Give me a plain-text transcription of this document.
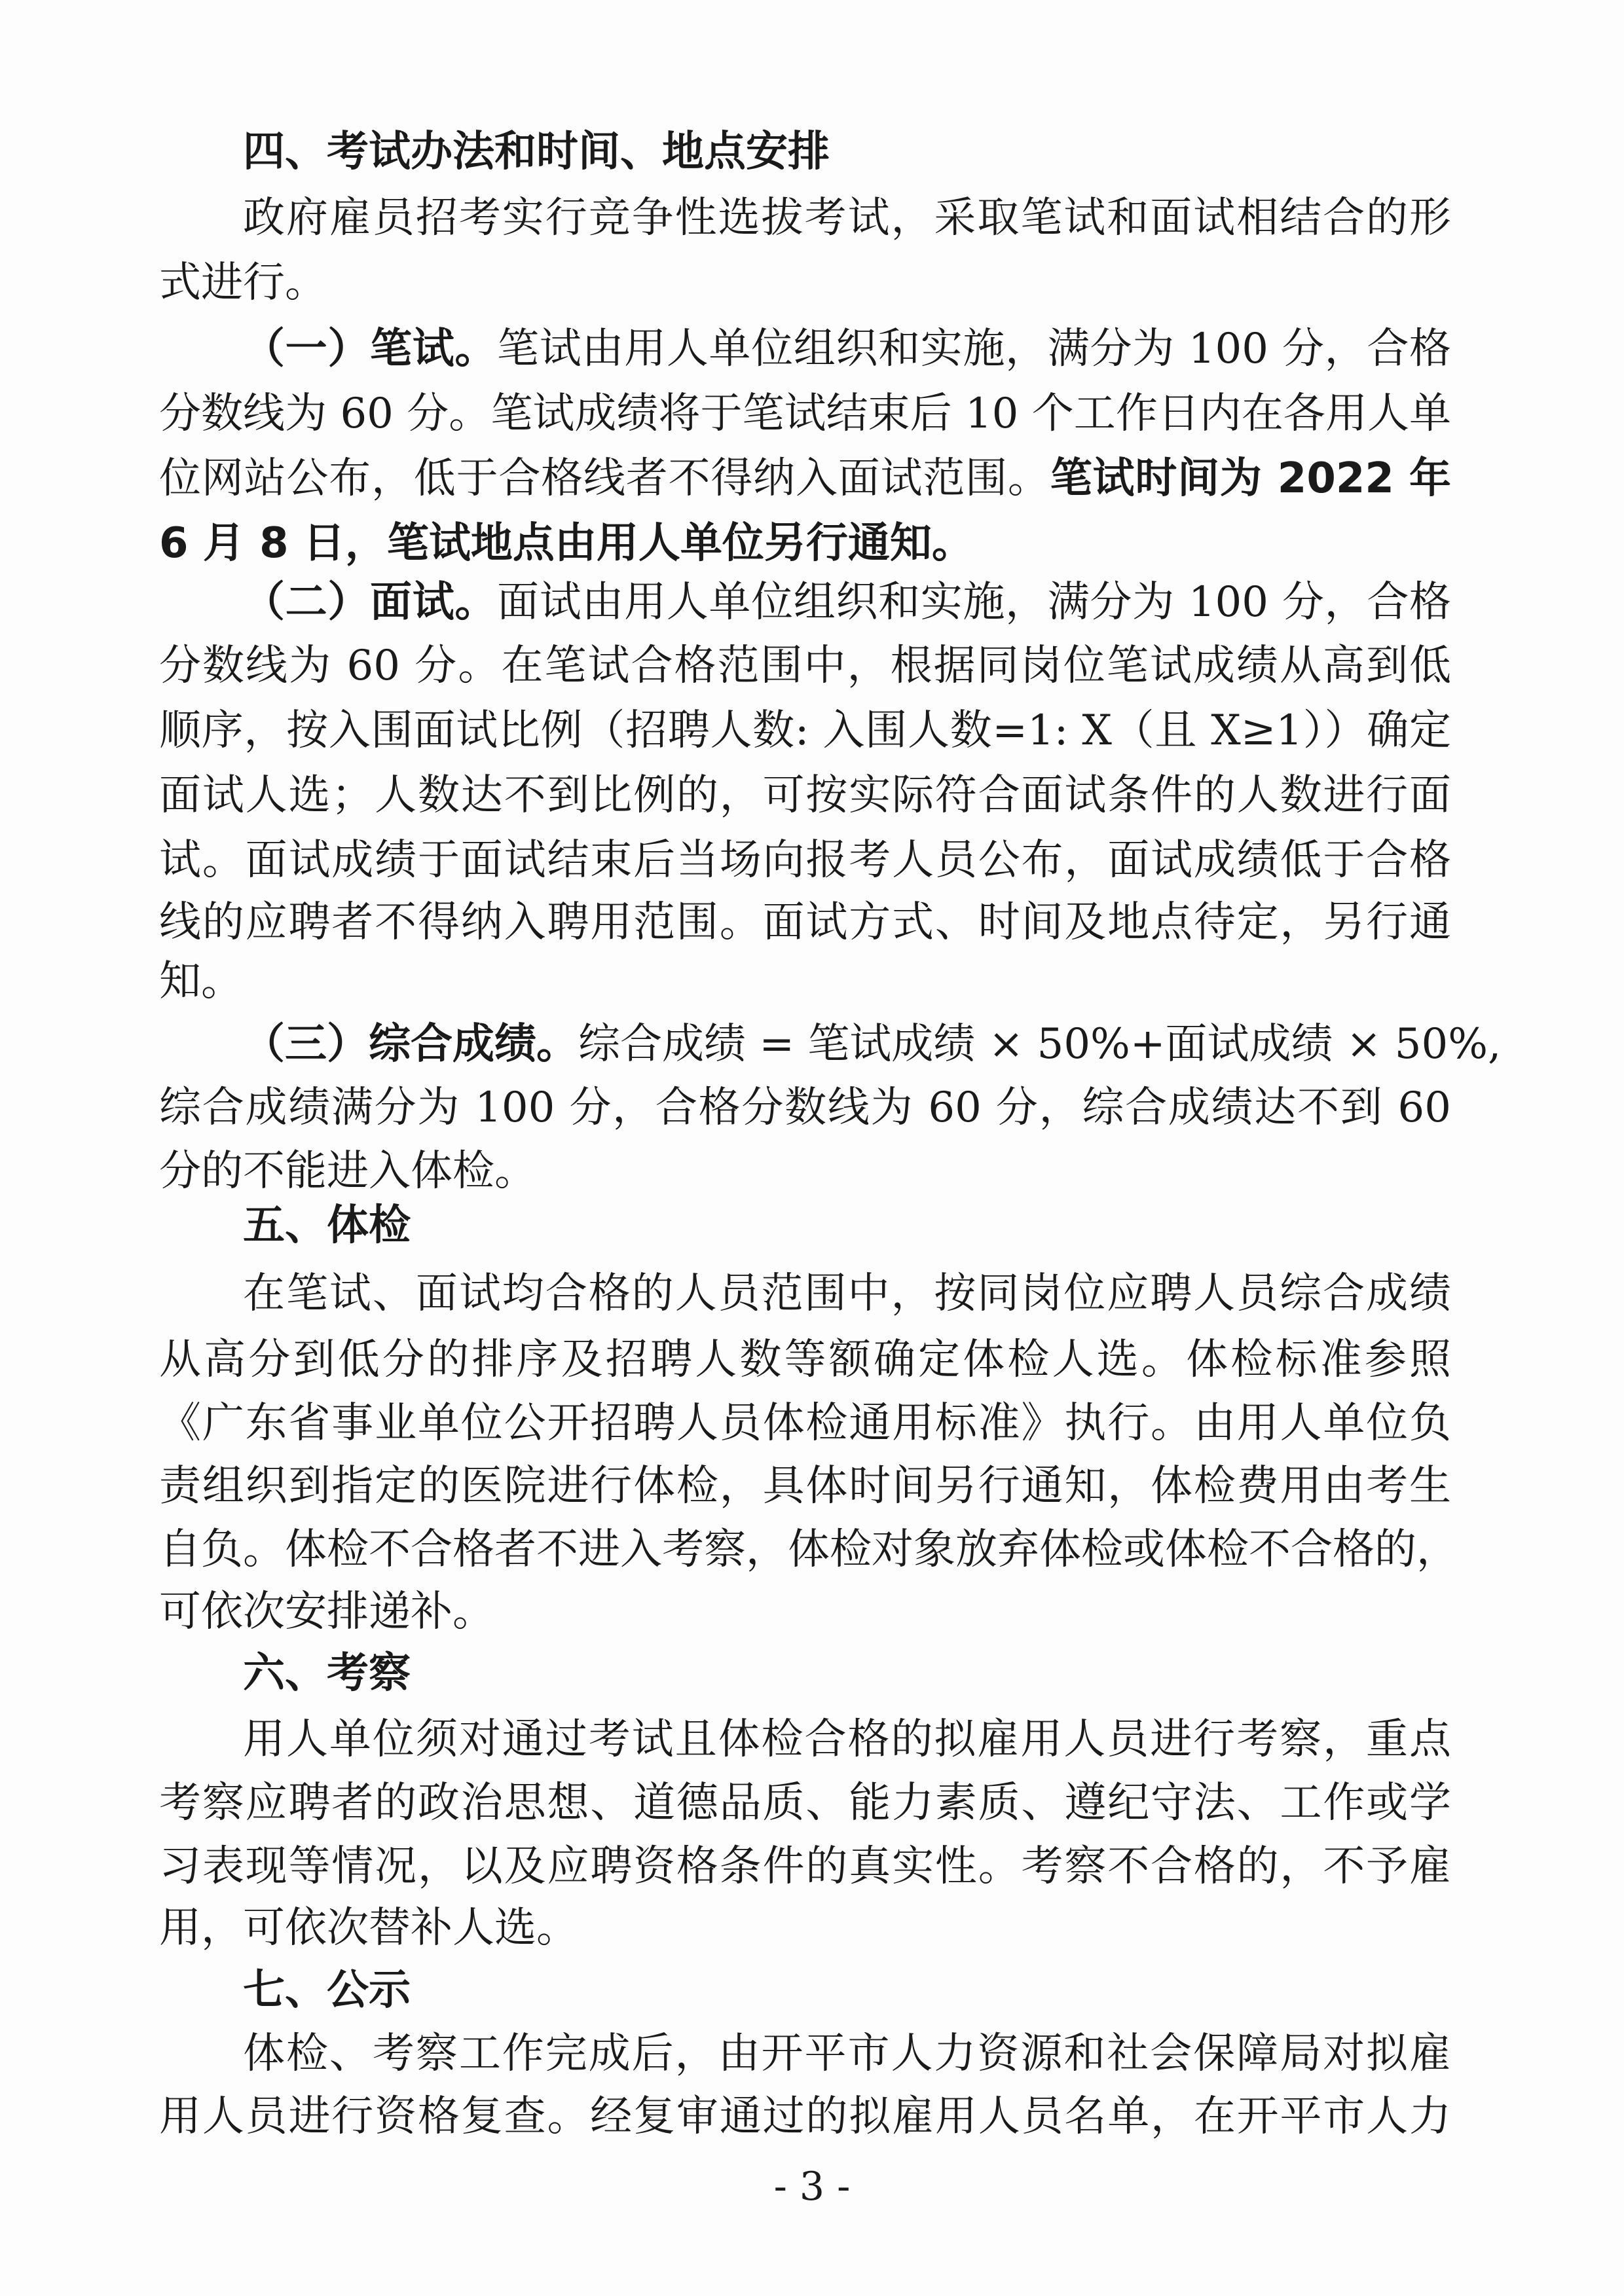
四、考试办法和时间、地点安排
政府雇员招考实行竞争性选拔考试，采取笔试和面试相结合的形
式进行。
（一）笔试。笔试由用人单位组织和实施，满分为 100 分，合格
分数线为 60 分。笔试成绩将于笔试结束后 10 个工作日内在各用人单
位网站公布，低于合格线者不得纳入面试范围。笔试时间为 2022 年
6 月 8 日，笔试地点由用人单位另行通知。
（二）面试。面试由用人单位组织和实施，满分为 100 分，合格
分数线为 60 分。在笔试合格范围中，根据同岗位笔试成绩从高到低
顺序，按入围面试比例（招聘人数: 入围人数=1: X（且 X≥1））确定
面试人选；人数达不到比例的，可按实际符合面试条件的人数进行面
试。面试成绩于面试结束后当场向报考人员公布，面试成绩低于合格
线的应聘者不得纳入聘用范围。面试方式、时间及地点待定，另行通
知。
（三）综合成绩。综合成绩 = 笔试成绩 × 50%+面试成绩 × 50%,
综合成绩满分为 100 分，合格分数线为 60 分，综合成绩达不到 60
分的不能进入体检。
五、体检
在笔试、面试均合格的人员范围中，按同岗位应聘人员综合成绩
从高分到低分的排序及招聘人数等额确定体检人选。体检标准参照
《广东省事业单位公开招聘人员体检通用标准》执行。由用人单位负
责组织到指定的医院进行体检，具体时间另行通知，体检费用由考生
自负。体检不合格者不进入考察，体检对象放弃体检或体检不合格的，
可依次安排递补。
六、考察
用人单位须对通过考试且体检合格的拟雇用人员进行考察，重点
考察应聘者的政治思想、道德品质、能力素质、遵纪守法、工作或学
习表现等情况，以及应聘资格条件的真实性。考察不合格的，不予雇
用，可依次替补人选。
七、公示
体检、考察工作完成后，由开平市人力资源和社会保障局对拟雇
用人员进行资格复查。经复审通过的拟雇用人员名单，在开平市人力
- 3 -
